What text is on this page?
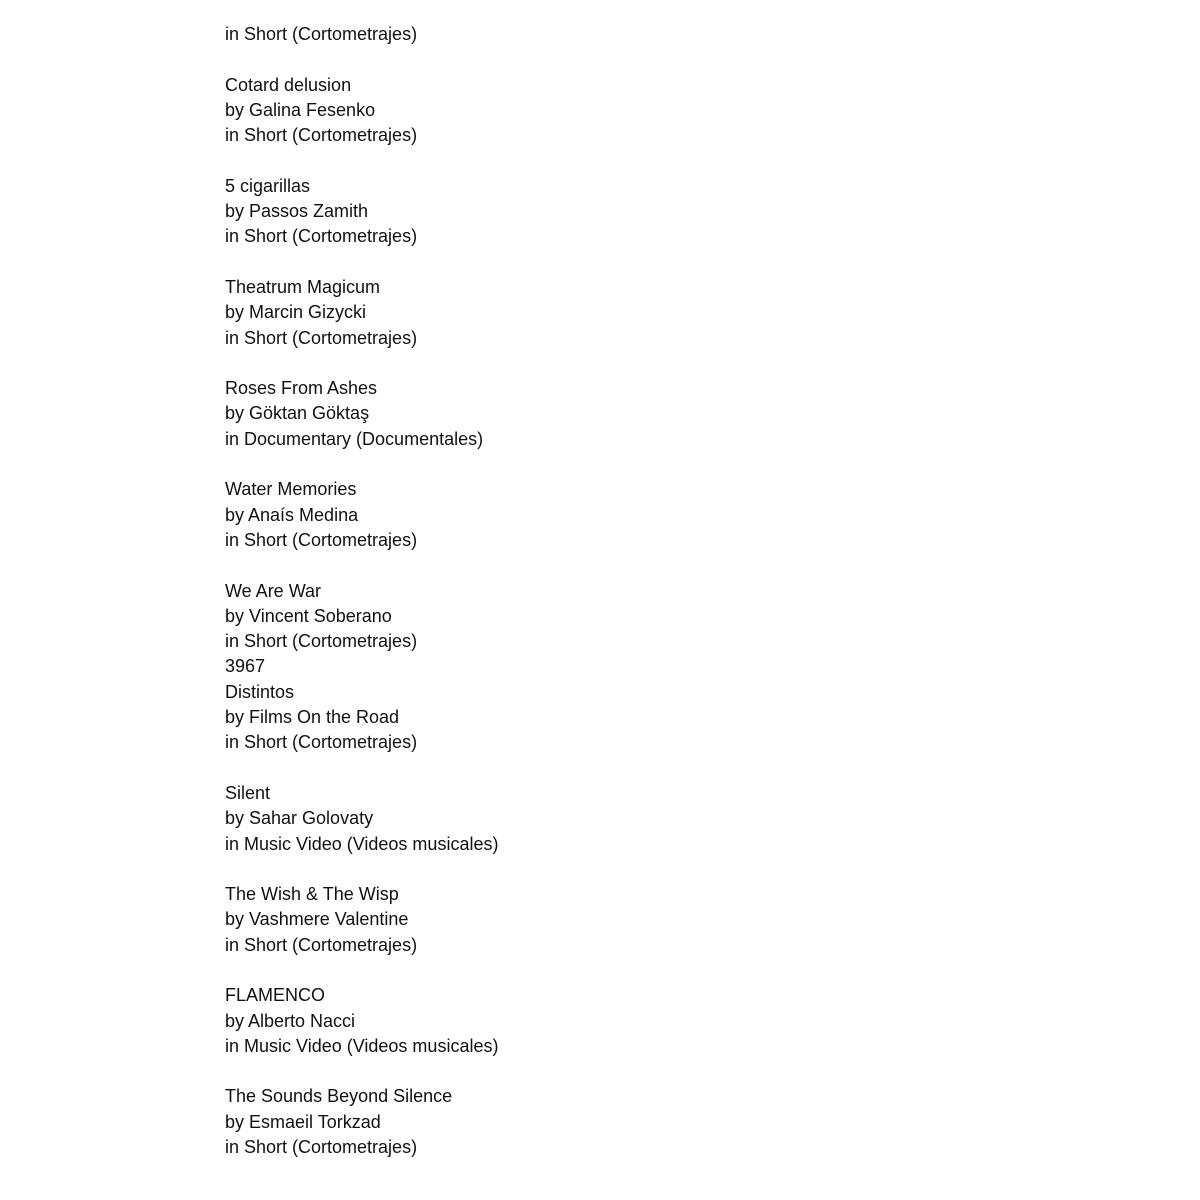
in Short (Cortometrajes)
Cotard delusion
by Galina Fesenko
in Short (Cortometrajes)
5 cigarillas
by Passos Zamith
in Short (Cortometrajes)
Theatrum Magicum
by Marcin Gizycki
in Short (Cortometrajes)
Roses From Ashes
by Göktan Göktaş
in Documentary (Documentales)
Water Memories
by Anaís Medina
in Short (Cortometrajes)
We Are War
by Vincent Soberano
in Short (Cortometrajes)
3967
Distintos
by Films On the Road
in Short (Cortometrajes)
Silent
by Sahar Golovaty
in Music Video (Videos musicales)
The Wish & The Wisp
by Vashmere Valentine
in Short (Cortometrajes)
FLAMENCO
by Alberto Nacci
in Music Video (Videos musicales)
The Sounds Beyond Silence
by Esmaeil Torkzad
in Short (Cortometrajes)
